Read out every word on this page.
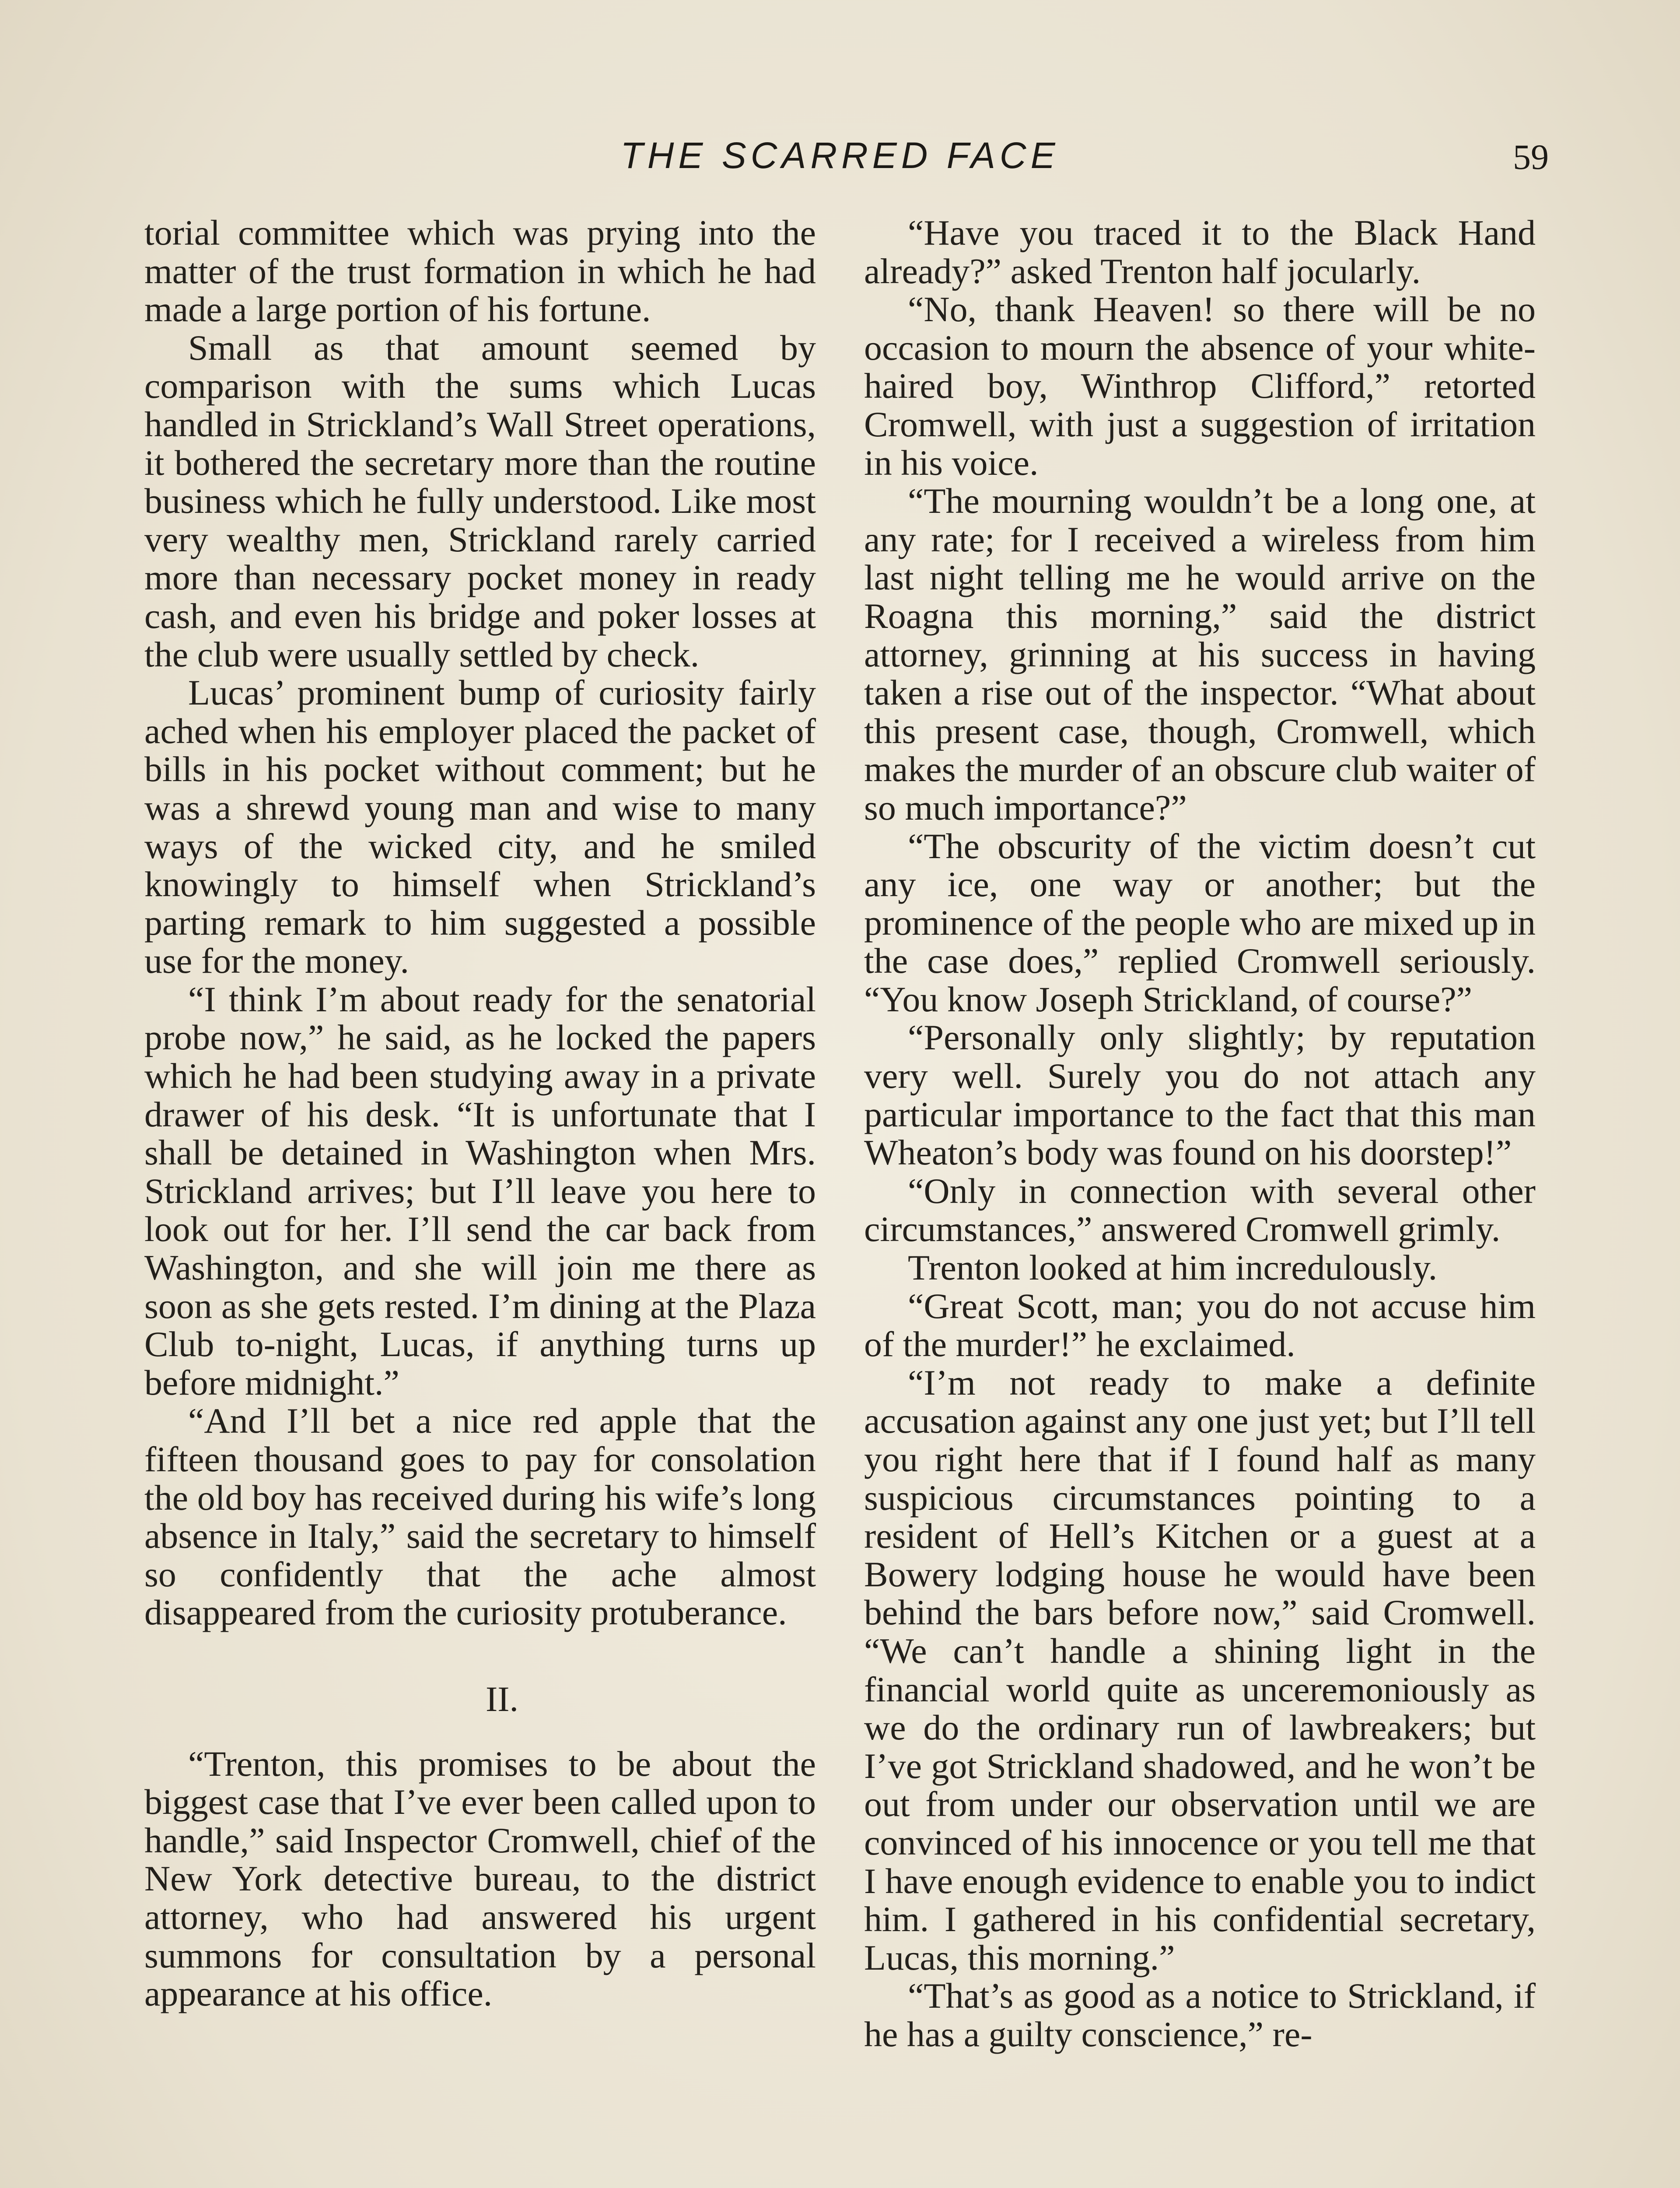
THE SCARRED FACE	59

torial committee which was prying into the matter of the trust formation in which he had made a large portion of his fortune.

Small as that amount seemed by comparison with the sums which Lucas handled in Strickland’s Wall Street operations, it bothered the secretary more than the routine business which he fully understood. Like most very wealthy men, Strickland rarely carried more than necessary pocket money in ready cash, and even his bridge and poker losses at the club were usually settled by check.

Lucas’ prominent bump of curiosity fairly ached when his employer placed the packet of bills in his pocket without comment; but he was a shrewd young man and wise to many ways of the wicked city, and he smiled knowingly to himself when Strickland’s parting remark to him suggested a possible use for the money.

“I think I’m about ready for the senatorial probe now,” he said, as he locked the papers which he had been studying away in a private drawer of his desk. “It is unfortunate that I shall be detained in Washington when Mrs. Strickland arrives; but I’ll leave you here to look out for her. I’ll send the car back from Washington, and she will join me there as soon as she gets rested. I’m dining at the Plaza Club to-night, Lucas, if anything turns up before midnight.”

“And I’ll bet a nice red apple that the fifteen thousand goes to pay for consolation the old boy has received during his wife’s long absence in Italy,” said the secretary to himself so confidently that the ache almost disappeared from the curiosity protuberance.

II.

“Trenton, this promises to be about the biggest case that I’ve ever been called upon to handle,” said Inspector Cromwell, chief of the New York detective bureau, to the district attorney, who had answered his urgent summons for consultation by a personal appearance at his office.

“Have you traced it to the Black Hand already?” asked Trenton half jocularly.

“No, thank Heaven! so there will be no occasion to mourn the absence of your white-haired boy, Winthrop Clifford,” retorted Cromwell, with just a suggestion of irritation in his voice.

“The mourning wouldn’t be a long one, at any rate; for I received a wireless from him last night telling me he would arrive on the Roagna this morning,” said the district attorney, grinning at his success in having taken a rise out of the inspector. “What about this present case, though, Cromwell, which makes the murder of an obscure club waiter of so much importance?”

“The obscurity of the victim doesn’t cut any ice, one way or another; but the prominence of the people who are mixed up in the case does,” replied Cromwell seriously. “You know Joseph Strickland, of course?”

“Personally only slightly; by reputation very well. Surely you do not attach any particular importance to the fact that this man Wheaton’s body was found on his doorstep!”

“Only in connection with several other circumstances,” answered Cromwell grimly.

Trenton looked at him incredulously.

“Great Scott, man; you do not accuse him of the murder!” he exclaimed.

“I’m not ready to make a definite accusation against any one just yet; but I’ll tell you right here that if I found half as many suspicious circumstances pointing to a resident of Hell’s Kitchen or a guest at a Bowery lodging house he would have been behind the bars before now,” said Cromwell. “We can’t handle a shining light in the financial world quite as unceremoniously as we do the ordinary run of lawbreakers; but I’ve got Strickland shadowed, and he won’t be out from under our observation until we are convinced of his innocence or you tell me that I have enough evidence to enable you to indict him. I gathered in his confidential secretary, Lucas, this morning.”

“That’s as good as a notice to Strickland, if he has a guilty conscience,” re-
